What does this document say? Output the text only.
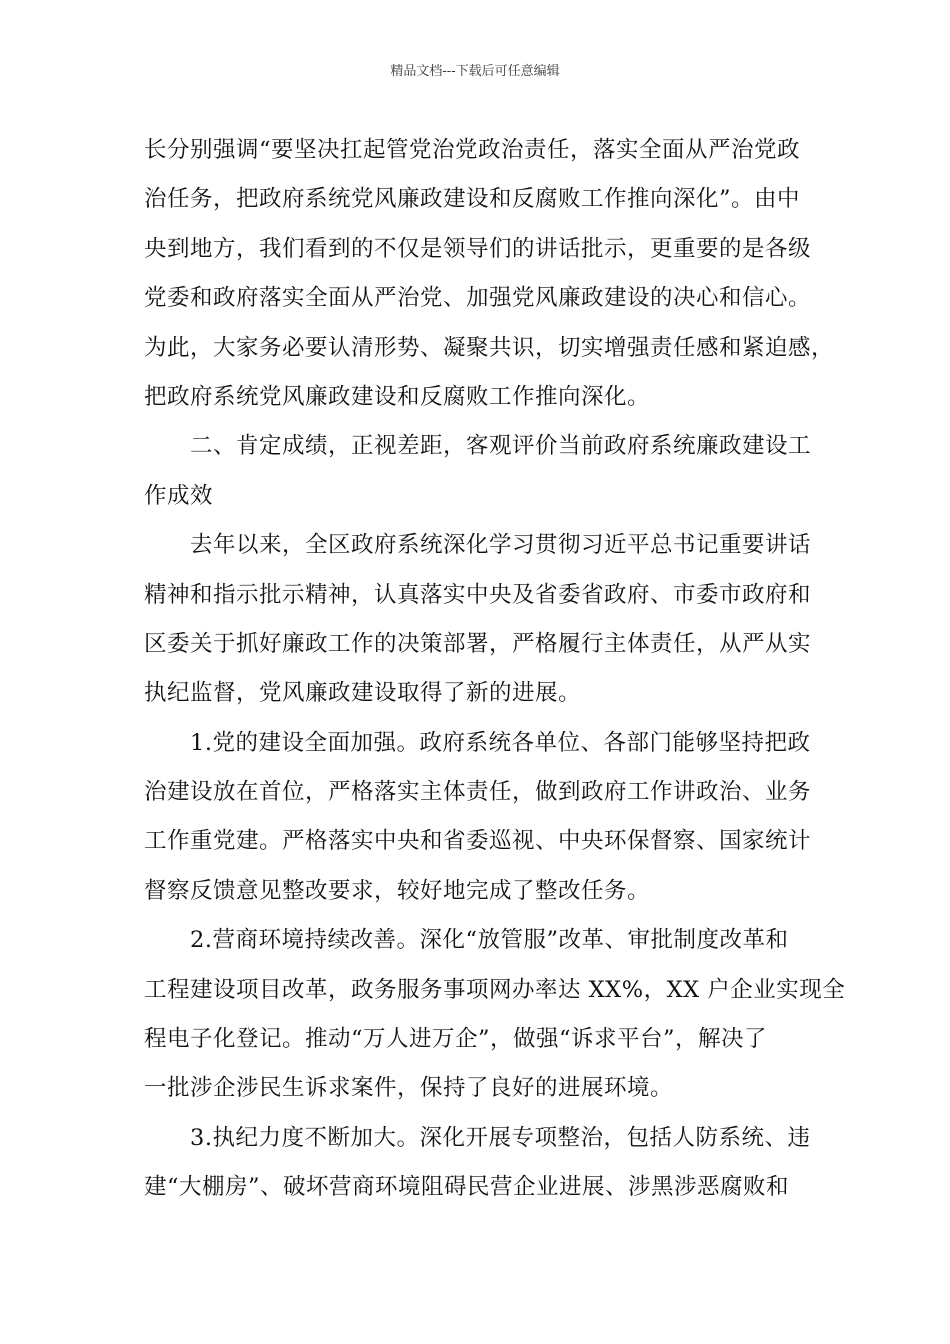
精品文档---下载后可任意编辑
长分别强调“要坚决扛起管党治党政治责任，落实全面从严治党政
治任务，把政府系统党风廉政建设和反腐败工作推向深化”。由中
央到地方，我们看到的不仅是领导们的讲话批示，更重要的是各级
党委和政府落实全面从严治党、加强党风廉政建设的决心和信心。
为此，大家务必要认清形势、凝聚共识，切实增强责任感和紧迫感，
把政府系统党风廉政建设和反腐败工作推向深化。
二、肯定成绩，正视差距，客观评价当前政府系统廉政建设工
作成效
去年以来，全区政府系统深化学习贯彻习近平总书记重要讲话
精神和指示批示精神，认真落实中央及省委省政府、市委市政府和
区委关于抓好廉政工作的决策部署，严格履行主体责任，从严从实
执纪监督，党风廉政建设取得了新的进展。
1.党的建设全面加强。政府系统各单位、各部门能够坚持把政
治建设放在首位，严格落实主体责任，做到政府工作讲政治、业务
工作重党建。严格落实中央和省委巡视、中央环保督察、国家统计
督察反馈意见整改要求，较好地完成了整改任务。
2.营商环境持续改善。深化“放管服”改革、审批制度改革和
工程建设项目改革，政务服务事项网办率达 XX%，XX 户企业实现全
程电子化登记。推动“万人进万企”，做强“诉求平台”，解决了
一批涉企涉民生诉求案件，保持了良好的进展环境。
3.执纪力度不断加大。深化开展专项整治，包括人防系统、违
建“大棚房”、破坏营商环境阻碍民营企业进展、涉黑涉恶腐败和
